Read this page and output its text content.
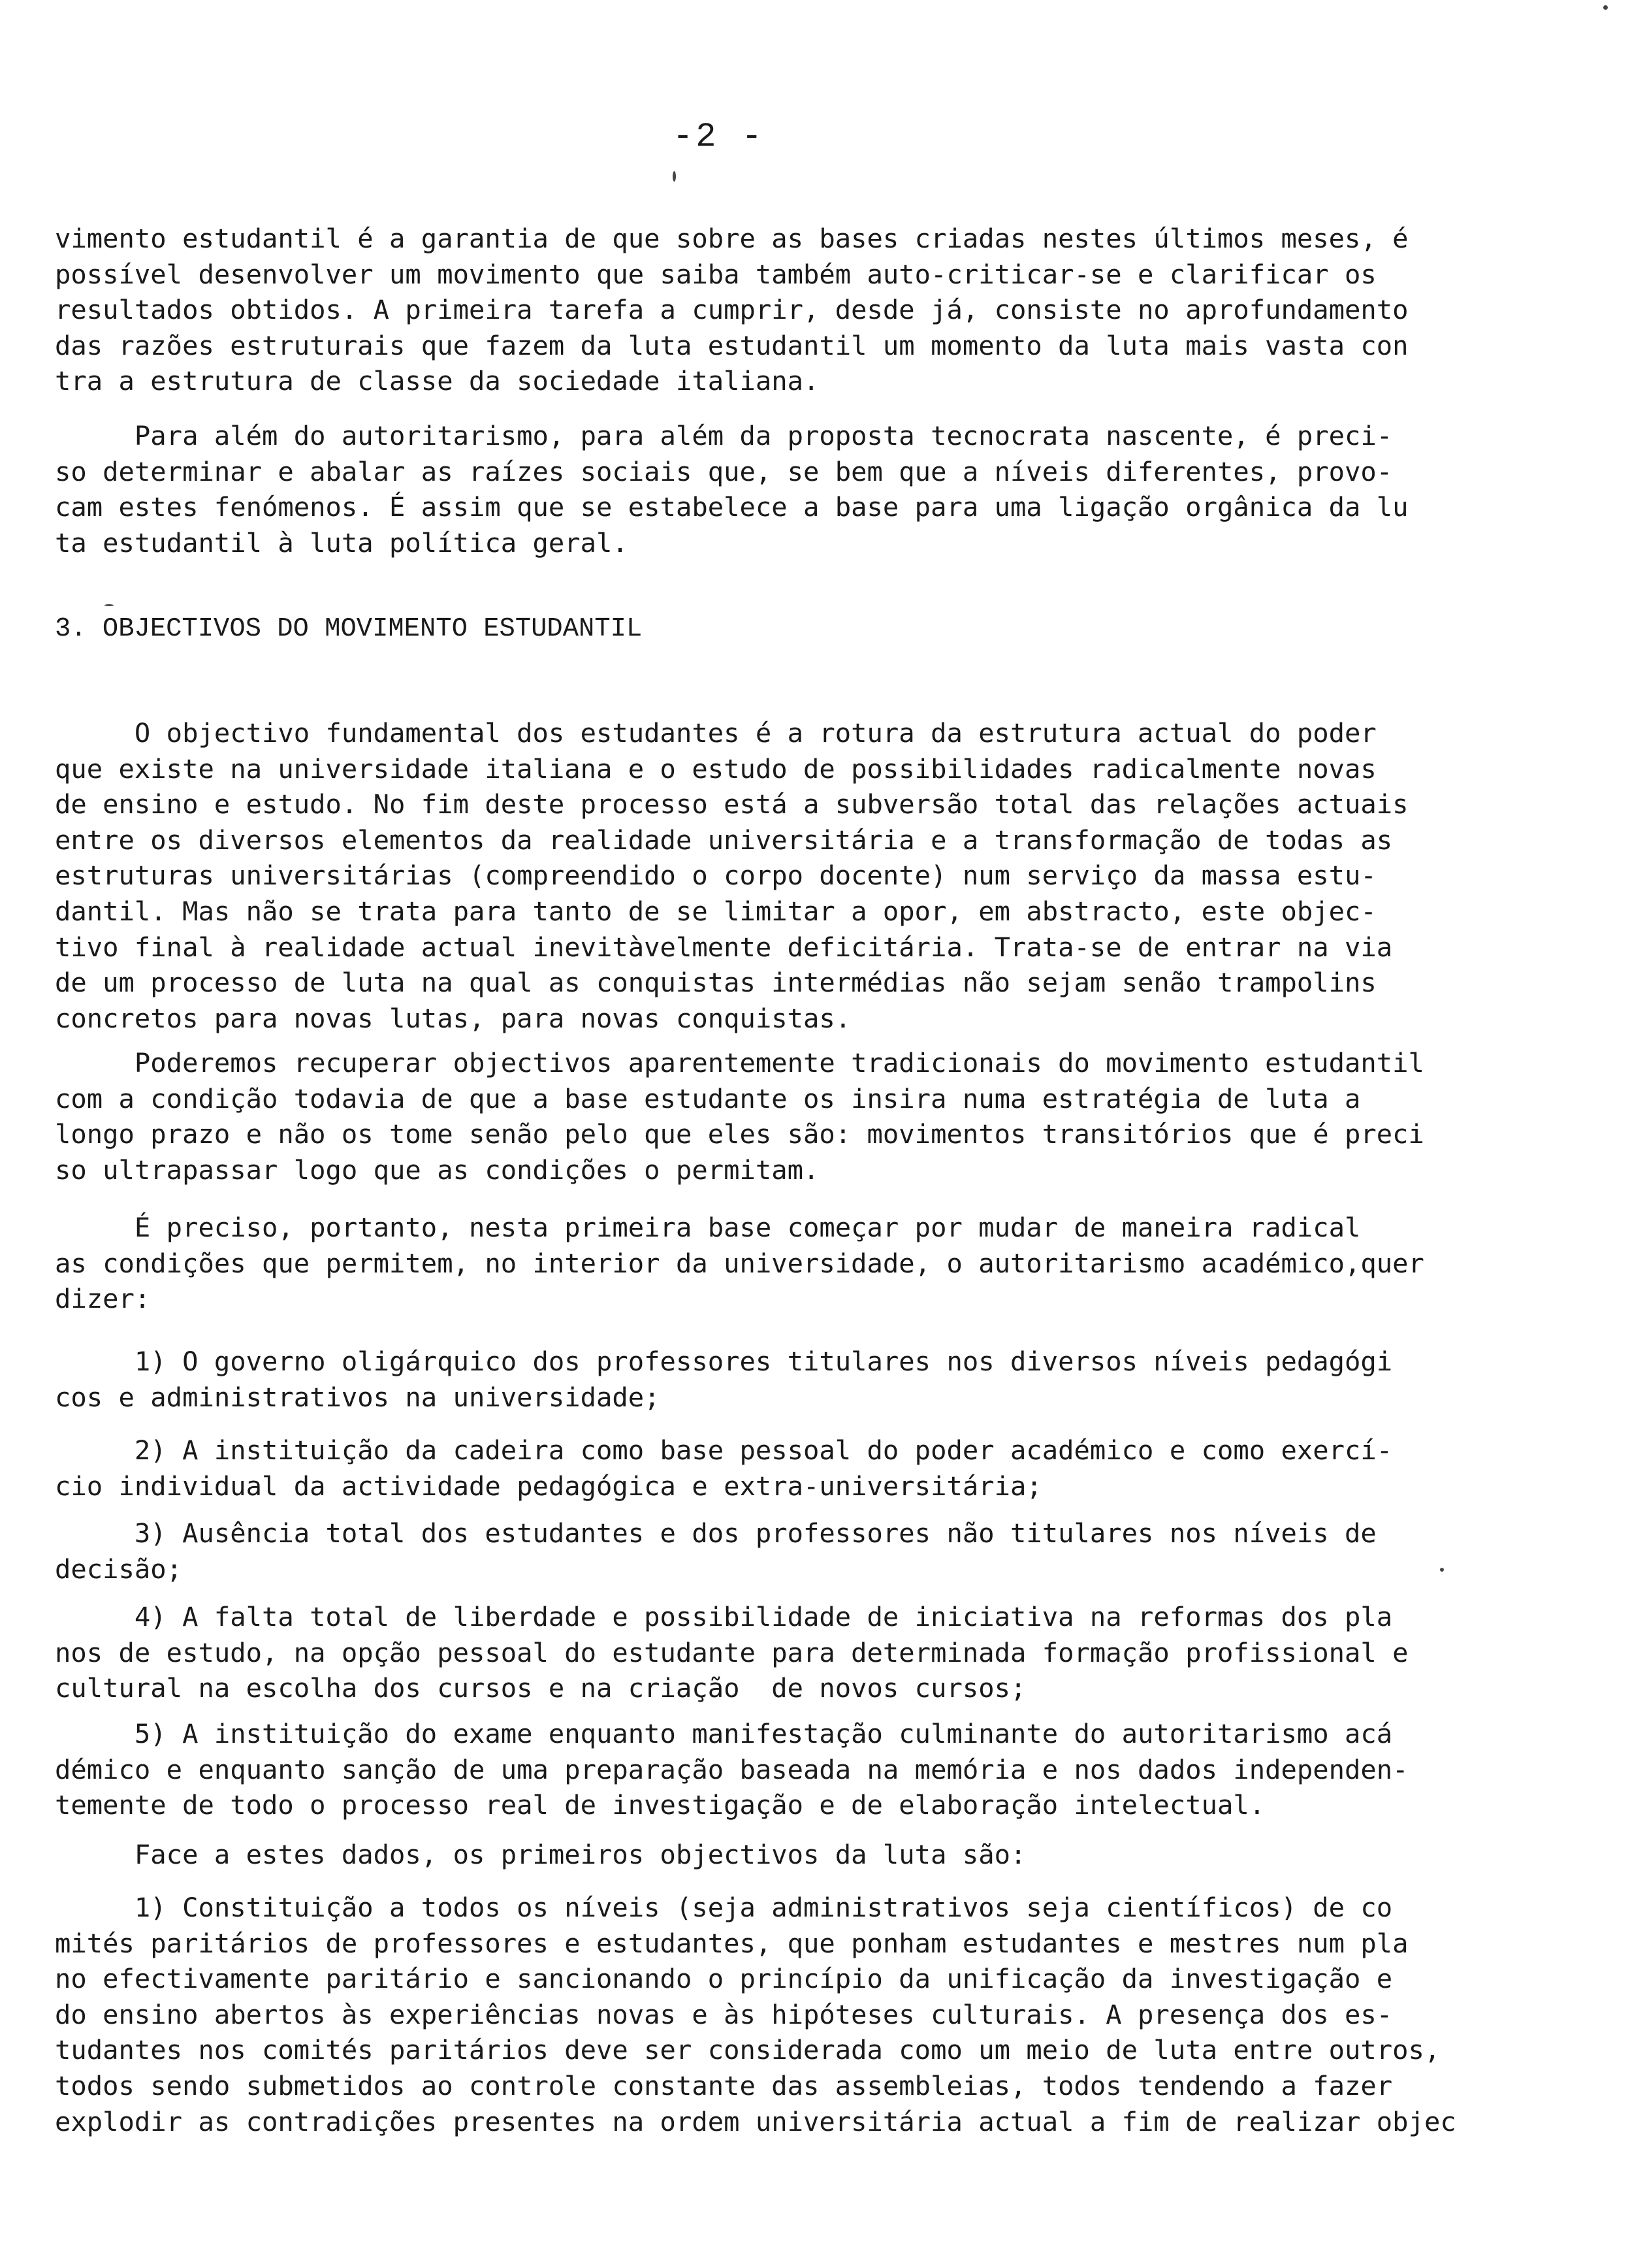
-2 -
vimento estudantil é a garantia de que sobre as bases criadas nestes últimos meses, é
possível desenvolver um movimento que saiba também auto-criticar-se e clarificar os
resultados obtidos. A primeira tarefa a cumprir, desde já, consiste no aprofundamento
das razões estruturais que fazem da luta estudantil um momento da luta mais vasta con
tra a estrutura de classe da sociedade italiana.
Para além do autoritarismo, para além da proposta tecnocrata nascente, é preci-
so determinar e abalar as raízes sociais que, se bem que a níveis diferentes, provo-
cam estes fenómenos. É assim que se estabelece a base para uma ligação orgânica da lu
ta estudantil à luta política geral.
3. OBJECTIVOS DO MOVIMENTO ESTUDANTIL
O objectivo fundamental dos estudantes é a rotura da estrutura actual do poder
que existe na universidade italiana e o estudo de possibilidades radicalmente novas
de ensino e estudo. No fim deste processo está a subversão total das relações actuais
entre os diversos elementos da realidade universitária e a transformação de todas as
estruturas universitárias (compreendido o corpo docente) num serviço da massa estu-
dantil. Mas não se trata para tanto de se limitar a opor, em abstracto, este objec-
tivo final à realidade actual inevitàvelmente deficitária. Trata-se de entrar na via
de um processo de luta na qual as conquistas intermédias não sejam senão trampolins
concretos para novas lutas, para novas conquistas.
Poderemos recuperar objectivos aparentemente tradicionais do movimento estudantil
com a condição todavia de que a base estudante os insira numa estratégia de luta a
longo prazo e não os tome senão pelo que eles são: movimentos transitórios que é preci
so ultrapassar logo que as condições o permitam.
É preciso, portanto, nesta primeira base começar por mudar de maneira radical
as condições que permitem, no interior da universidade, o autoritarismo académico,quer
dizer:
1) O governo oligárquico dos professores titulares nos diversos níveis pedagógi
cos e administrativos na universidade;
2) A instituição da cadeira como base pessoal do poder académico e como exercí-
cio individual da actividade pedagógica e extra-universitária;
3) Ausência total dos estudantes e dos professores não titulares nos níveis de
decisão;
4) A falta total de liberdade e possibilidade de iniciativa na reformas dos pla
nos de estudo, na opção pessoal do estudante para determinada formação profissional e
cultural na escolha dos cursos e na criação  de novos cursos;
5) A instituição do exame enquanto manifestação culminante do autoritarismo acá
démico e enquanto sanção de uma preparação baseada na memória e nos dados independen-
temente de todo o processo real de investigação e de elaboração intelectual.
Face a estes dados, os primeiros objectivos da luta são:
1) Constituição a todos os níveis (seja administrativos seja científicos) de co
mités paritários de professores e estudantes, que ponham estudantes e mestres num pla
no efectivamente paritário e sancionando o princípio da unificação da investigação e
do ensino abertos às experiências novas e às hipóteses culturais. A presença dos es-
tudantes nos comités paritários deve ser considerada como um meio de luta entre outros,
todos sendo submetidos ao controle constante das assembleias, todos tendendo a fazer
explodir as contradições presentes na ordem universitária actual a fim de realizar objec
